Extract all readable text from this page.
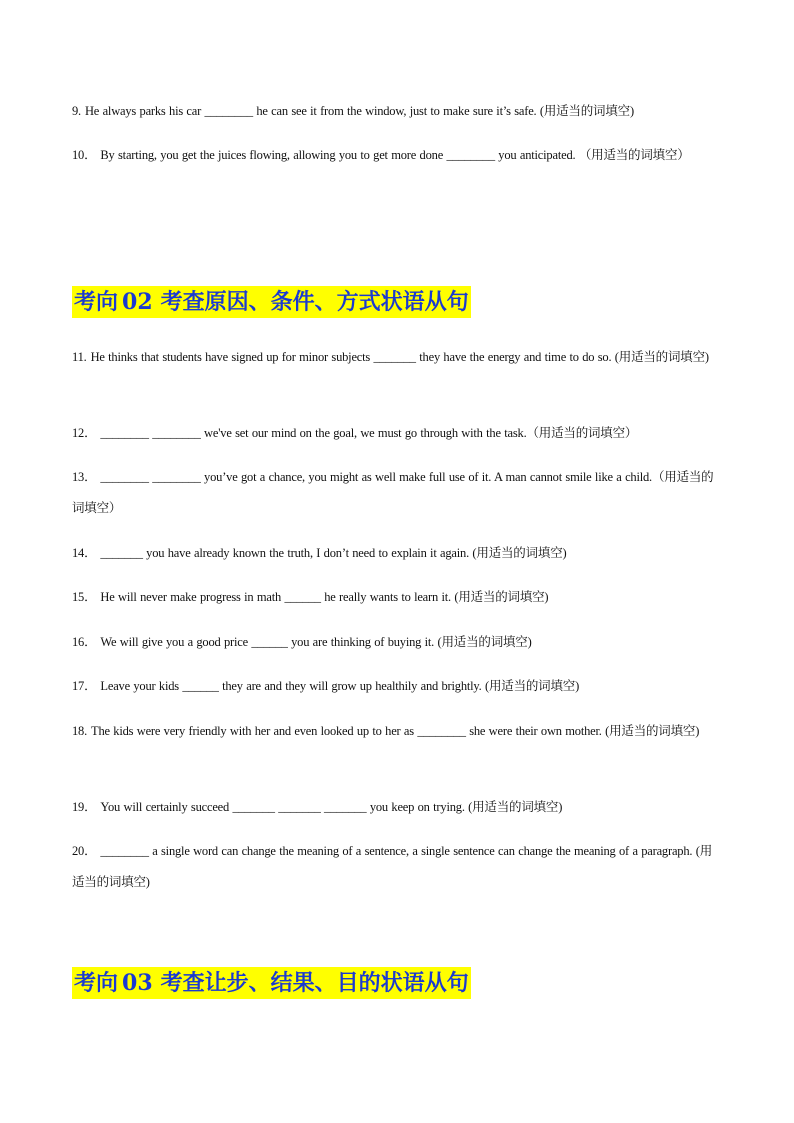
9. He always parks his car ________ he can see it from the window, just to make sure it’s safe. (用适当的词填空)
10． By starting, you get the juices flowing, allowing you to get more done ________ you anticipated. （用适当的词填空）
考向 02 考查原因、条件、方式状语从句
11. He thinks that students have signed up for minor subjects _______ they have the energy and time to do so. (用适当的词填空)
12． ________ ________ we've set our mind on the goal, we must go through with the task.（用适当的词填空）
13． ________ ________ you’ve got a chance, you might as well make full use of it. A man cannot smile like a child.（用适当的词填空）
14． _______ you have already known the truth, I don’t need to explain it again. (用适当的词填空)
15． He will never make progress in math ______ he really wants to learn it. (用适当的词填空)
16． We will give you a good price ______ you are thinking of buying it. (用适当的词填空)
17． Leave your kids ______ they are and they will grow up healthily and brightly. (用适当的词填空)
18. The kids were very friendly with her and even looked up to her as ________ she were their own mother. (用适当的词填空)
19． You will certainly succeed _______ _______ _______ you keep on trying. (用适当的词填空)
20． ________ a single word can change the meaning of a sentence, a single sentence can change the meaning of a paragraph. (用适当的词填空)
考向 03 考查让步、结果、目的状语从句
